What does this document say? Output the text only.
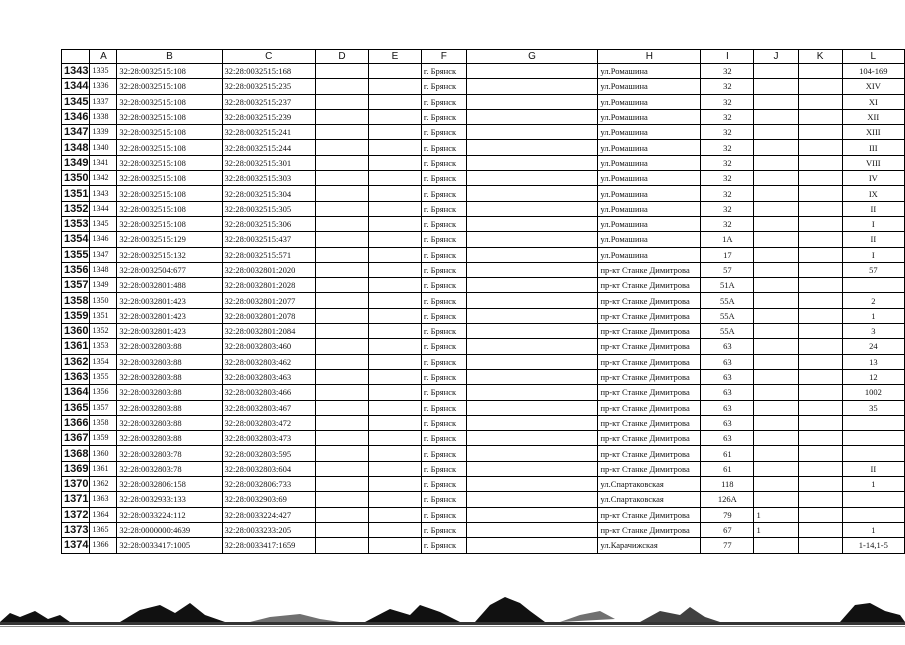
	A	B	C	D	E	F	G	H	I	J	K	L
1343	1335	32:28:0032515:108	32:28:0032515:168			г. Брянск		ул.Ромашина	32			104-169
1344	1336	32:28:0032515:108	32:28:0032515:235			г. Брянск		ул.Ромашина	32			XIV
1345	1337	32:28:0032515:108	32:28:0032515:237			г. Брянск		ул.Ромашина	32			XI
1346	1338	32:28:0032515:108	32:28:0032515:239			г. Брянск		ул.Ромашина	32			XII
1347	1339	32:28:0032515:108	32:28:0032515:241			г. Брянск		ул.Ромашина	32			XIII
1348	1340	32:28:0032515:108	32:28:0032515:244			г. Брянск		ул.Ромашина	32			III
1349	1341	32:28:0032515:108	32:28:0032515:301			г. Брянск		ул.Ромашина	32			VIII
1350	1342	32:28:0032515:108	32:28:0032515:303			г. Брянск		ул.Ромашина	32			IV
1351	1343	32:28:0032515:108	32:28:0032515:304			г. Брянск		ул.Ромашина	32			IX
1352	1344	32:28:0032515:108	32:28:0032515:305			г. Брянск		ул.Ромашина	32			II
1353	1345	32:28:0032515:108	32:28:0032515:306			г. Брянск		ул.Ромашина	32			I
1354	1346	32:28:0032515:129	32:28:0032515:437			г. Брянск		ул.Ромашина	1А			II
1355	1347	32:28:0032515:132	32:28:0032515:571			г. Брянск		ул.Ромашина	17			I
1356	1348	32:28:0032504:677	32:28:0032801:2020			г. Брянск		пр-кт Станке Димитрова	57			57
1357	1349	32:28:0032801:488	32:28:0032801:2028			г. Брянск		пр-кт Станке Димитрова	51А			
1358	1350	32:28:0032801:423	32:28:0032801:2077			г. Брянск		пр-кт Станке Димитрова	55А			2
1359	1351	32:28:0032801:423	32:28:0032801:2078			г. Брянск		пр-кт Станке Димитрова	55А			1
1360	1352	32:28:0032801:423	32:28:0032801:2084			г. Брянск		пр-кт Станке Димитрова	55А			3
1361	1353	32:28:0032803:88	32:28:0032803:460			г. Брянск		пр-кт Станке Димитрова	63			24
1362	1354	32:28:0032803:88	32:28:0032803:462			г. Брянск		пр-кт Станке Димитрова	63			13
1363	1355	32:28:0032803:88	32:28:0032803:463			г. Брянск		пр-кт Станке Димитрова	63			12
1364	1356	32:28:0032803:88	32:28:0032803:466			г. Брянск		пр-кт Станке Димитрова	63			1002
1365	1357	32:28:0032803:88	32:28:0032803:467			г. Брянск		пр-кт Станке Димитрова	63			35
1366	1358	32:28:0032803:88	32:28:0032803:472			г. Брянск		пр-кт Станке Димитрова	63			
1367	1359	32:28:0032803:88	32:28:0032803:473			г. Брянск		пр-кт Станке Димитрова	63			
1368	1360	32:28:0032803:78	32:28:0032803:595			г. Брянск		пр-кт Станке Димитрова	61			
1369	1361	32:28:0032803:78	32:28:0032803:604			г. Брянск		пр-кт Станке Димитрова	61			II
1370	1362	32:28:0032806:158	32:28:0032806:733			г. Брянск		ул.Спартаковская	118			1
1371	1363	32:28:0032933:133	32:28:0032903:69			г. Брянск		ул.Спартаковская	126А			
1372	1364	32:28:0033224:112	32:28:0033224:427			г. Брянск		пр-кт Станке Димитрова	79	1		
1373	1365	32:28:0000000:4639	32:28:0033233:205			г. Брянск		пр-кт Станке Димитрова	67	1		1
1374	1366	32:28:0033417:1005	32:28:0033417:1659			г. Брянск		ул.Карачижская	77			1-14,1-5
